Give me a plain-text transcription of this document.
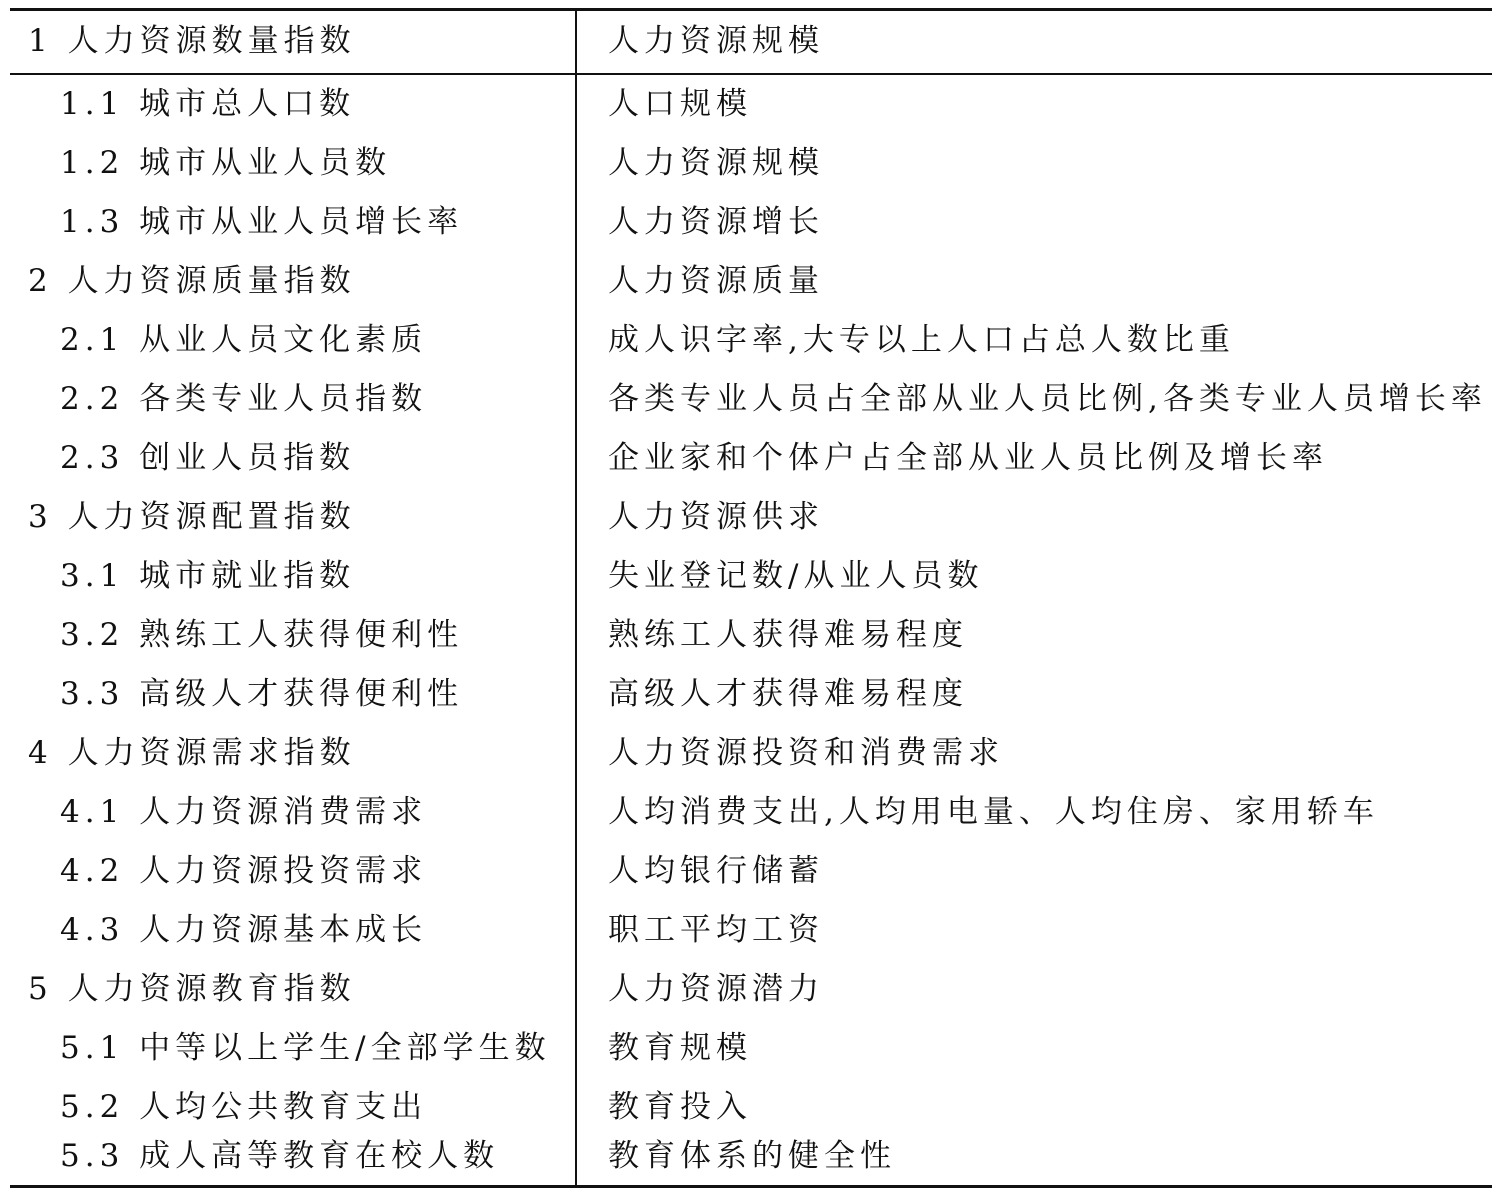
1 人力资源数量指数	人力资源规模
1.1 城市总人口数	人口规模
1.2 城市从业人员数	人力资源规模
1.3 城市从业人员增长率	人力资源增长
2 人力资源质量指数	人力资源质量
2.1 从业人员文化素质	成人识字率,大专以上人口占总人数比重
2.2 各类专业人员指数	各类专业人员占全部从业人员比例,各类专业人员增长率
2.3 创业人员指数	企业家和个体户占全部从业人员比例及增长率
3 人力资源配置指数	人力资源供求
3.1 城市就业指数	失业登记数/从业人员数
3.2 熟练工人获得便利性	熟练工人获得难易程度
3.3 高级人才获得便利性	高级人才获得难易程度
4 人力资源需求指数	人力资源投资和消费需求
4.1 人力资源消费需求	人均消费支出,人均用电量、人均住房、家用轿车
4.2 人力资源投资需求	人均银行储蓄
4.3 人力资源基本成长	职工平均工资
5 人力资源教育指数	人力资源潜力
5.1 中等以上学生/全部学生数 教育规模
5.2 人均公共教育支出	教育投入
5.3 成人高等教育在校人数	教育体系的健全性
